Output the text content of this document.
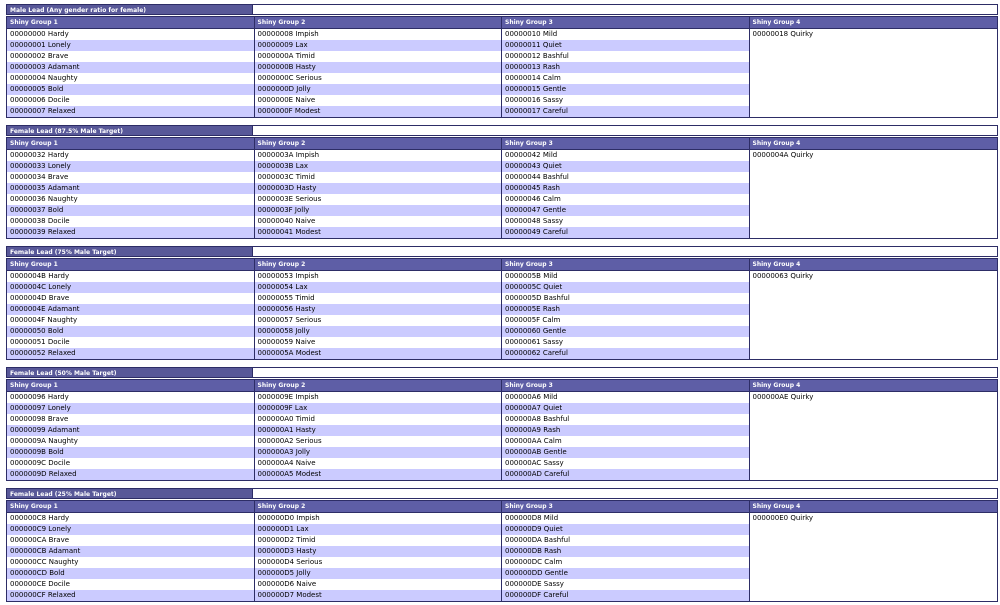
Male Lead (Any gender ratio for female)
Shiny Group 1
00000000 Hardy
00000001 Lonely
00000002 Brave
00000003 Adamant
00000004 Naughty
00000005 Bold
00000006 Docile
00000007 Relaxed
Shiny Group 2
00000008 Impish
00000009 Lax
0000000A Timid
0000000B Hasty
0000000C Serious
0000000D Jolly
0000000E Naive
0000000F Modest
Shiny Group 3
00000010 Mild
00000011 Quiet
00000012 Bashful
00000013 Rash
00000014 Calm
00000015 Gentle
00000016 Sassy
00000017 Careful
Shiny Group 4
00000018 Quirky
Female Lead (87.5% Male Target)
Shiny Group 1
00000032 Hardy
00000033 Lonely
00000034 Brave
00000035 Adamant
00000036 Naughty
00000037 Bold
00000038 Docile
00000039 Relaxed
Shiny Group 2
0000003A Impish
0000003B Lax
0000003C Timid
0000003D Hasty
0000003E Serious
0000003F Jolly
00000040 Naive
00000041 Modest
Shiny Group 3
00000042 Mild
00000043 Quiet
00000044 Bashful
00000045 Rash
00000046 Calm
00000047 Gentle
00000048 Sassy
00000049 Careful
Shiny Group 4
0000004A Quirky
Female Lead (75% Male Target)
Shiny Group 1
0000004B Hardy
0000004C Lonely
0000004D Brave
0000004E Adamant
0000004F Naughty
00000050 Bold
00000051 Docile
00000052 Relaxed
Shiny Group 2
00000053 Impish
00000054 Lax
00000055 Timid
00000056 Hasty
00000057 Serious
00000058 Jolly
00000059 Naive
0000005A Modest
Shiny Group 3
0000005B Mild
0000005C Quiet
0000005D Bashful
0000005E Rash
0000005F Calm
00000060 Gentle
00000061 Sassy
00000062 Careful
Shiny Group 4
00000063 Quirky
Female Lead (50% Male Target)
Shiny Group 1
00000096 Hardy
00000097 Lonely
00000098 Brave
00000099 Adamant
0000009A Naughty
0000009B Bold
0000009C Docile
0000009D Relaxed
Shiny Group 2
0000009E Impish
0000009F Lax
000000A0 Timid
000000A1 Hasty
000000A2 Serious
000000A3 Jolly
000000A4 Naive
000000A5 Modest
Shiny Group 3
000000A6 Mild
000000A7 Quiet
000000A8 Bashful
000000A9 Rash
000000AA Calm
000000AB Gentle
000000AC Sassy
000000AD Careful
Shiny Group 4
000000AE Quirky
Female Lead (25% Male Target)
Shiny Group 1
000000C8 Hardy
000000C9 Lonely
000000CA Brave
000000CB Adamant
000000CC Naughty
000000CD Bold
000000CE Docile
000000CF Relaxed
Shiny Group 2
000000D0 Impish
000000D1 Lax
000000D2 Timid
000000D3 Hasty
000000D4 Serious
000000D5 Jolly
000000D6 Naive
000000D7 Modest
Shiny Group 3
000000D8 Mild
000000D9 Quiet
000000DA Bashful
000000DB Rash
000000DC Calm
000000DD Gentle
000000DE Sassy
000000DF Careful
Shiny Group 4
000000E0 Quirky
